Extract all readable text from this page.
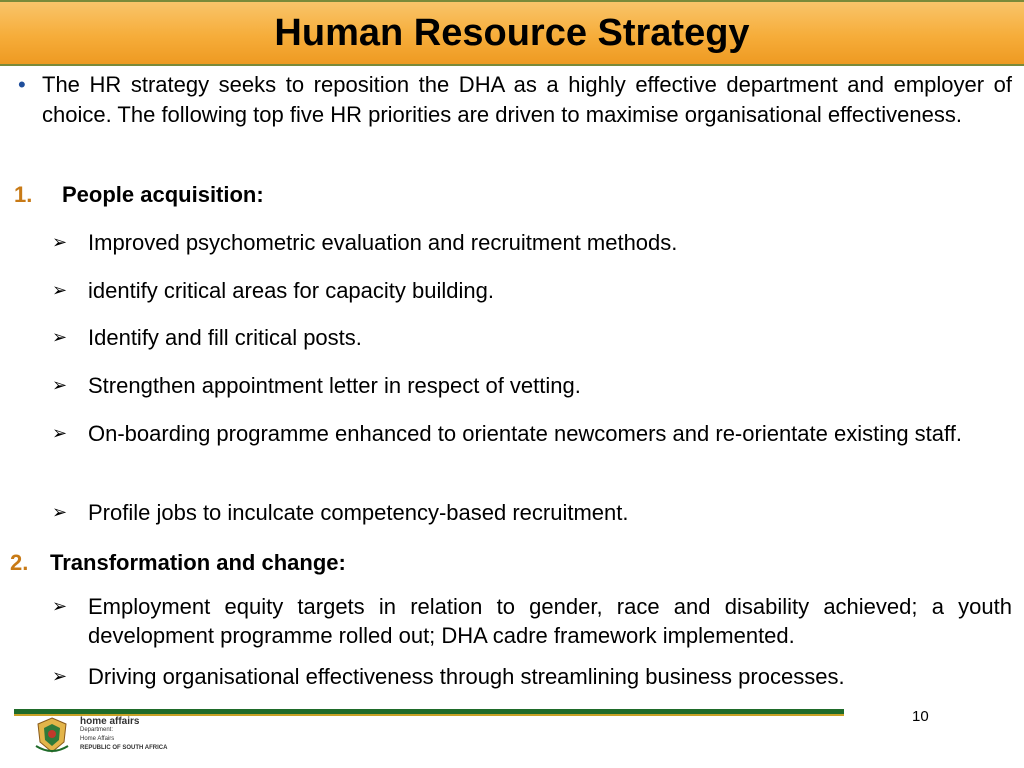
Human Resource Strategy
• The HR strategy seeks to reposition the DHA as a highly effective department and employer of choice. The following top five HR priorities are driven to maximise organisational effectiveness.

1. People acquisition:
➢ Improved psychometric evaluation and recruitment methods.

➢ identify critical areas for capacity building.

➢ Identify and fill critical posts.

➢ Strengthen appointment letter in respect of vetting.

➢ On-boarding programme enhanced to orientate newcomers and re-orientate existing staff.

➢ Profile jobs to inculcate competency-based recruitment.

2. Transformation and change:
➢ Employment equity targets in relation to gender, race and disability achieved; a youth development programme rolled out; DHA cadre framework implemented.

➢ Driving organisational effectiveness through streamlining business processes.

10
home affairs
Department:
Home Affairs
REPUBLIC OF SOUTH AFRICA
